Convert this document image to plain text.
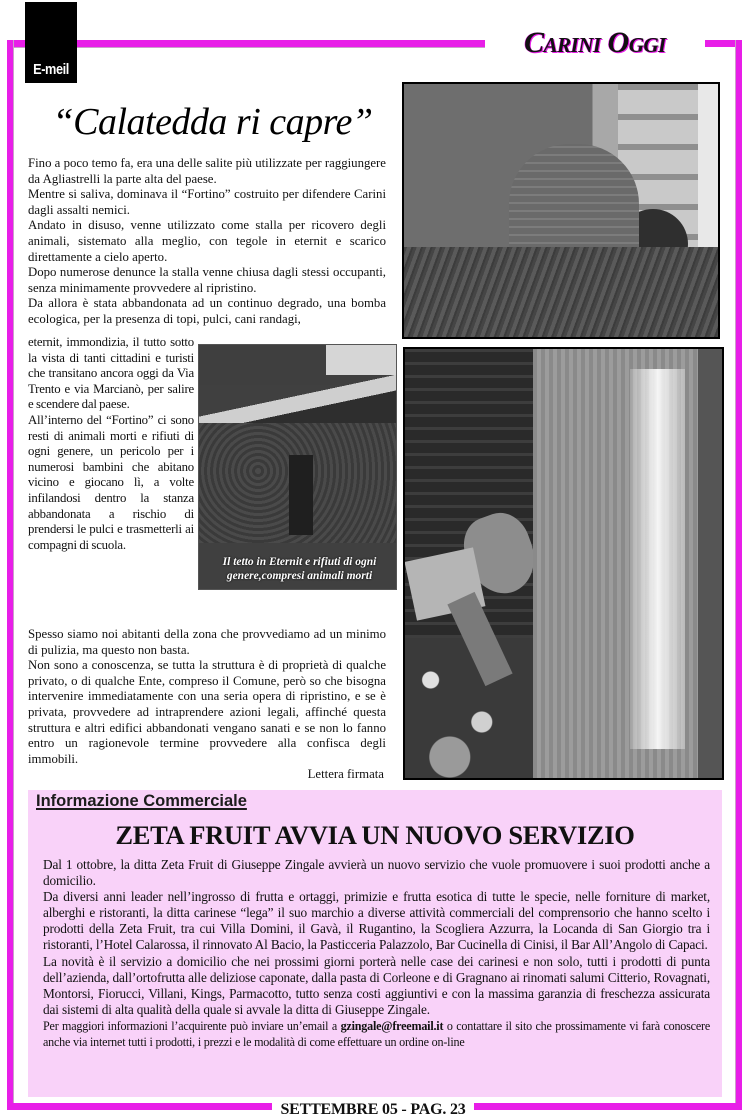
E-meil
Carini Oggi
“Calatedda ri capre”

Fino a poco temo fa, era una delle salite più utilizzate per raggiungere da Agliastrelli la parte alta del paese.

Mentre si saliva, dominava il “Fortino” costruito per difendere Carini dagli assalti nemici.

Andato in disuso, venne utilizzato come stalla per ricovero degli animali, sistemato alla meglio, con tegole in eternit e scarico direttamente a cielo aperto.

Dopo numerose denunce la stalla venne chiusa dagli stessi occupanti, senza minimamente provvedere al ripristino.

Da allora è stata abbandonata ad un continuo degrado, una bomba ecologica, per la presenza di topi, pulci, cani randagi,

eternit, immondizia, il tutto sotto la vista di tanti cittadini e turisti che transitano ancora oggi da Via Trento e via Marcianò, per salire e scendere dal paese.

All’interno del “Fortino” ci sono resti di animali morti e rifiuti di ogni genere, un pericolo per i numerosi bambini che abitano vicino e giocano lì, a volte infilandosi dentro la stanza abbandonata a rischio di prendersi le pulci e trasmetterli ai compagni di scuola.

Spesso siamo noi abitanti della zona che provvediamo ad un minimo di pulizia, ma questo non basta.

Non sono a conoscenza, se tutta la struttura è di proprietà di qualche privato, o di qualche Ente, compreso il Comune, però so che bisogna intervenire immediatamente con una seria opera di ripristino, e se è privata, provvedere ad intraprendere azioni legali, affinché questa struttura e altri edifici abbandonati vengano sanati e se non lo fanno entro un ragionevole termine provvedere alla confisca degli immobili.

Lettera firmata

Il tetto in Eternit e rifiuti di ogni genere,compresi animali morti
Informazione Commerciale
ZETA FRUIT AVVIA UN NUOVO SERVIZIO

Dal 1 ottobre, la ditta Zeta Fruit di Giuseppe Zingale avvierà un nuovo servizio che vuole promuovere i suoi prodotti anche a domicilio.

Da diversi anni leader nell’ingrosso di frutta e ortaggi, primizie e frutta esotica di tutte le specie, nelle forniture di market, alberghi e ristoranti, la ditta carinese “lega” il suo marchio a diverse attività commerciali del comprensorio che hanno scelto i prodotti della Zeta Fruit, tra cui Villa Domini, il Gavà, il Rugantino, la Scogliera Azzurra, la Locanda di San Giorgio tra i ristoranti, l’Hotel Calarossa, il rinnovato Al Bacio, la Pasticceria Palazzolo, Bar Cucinella di Cinisi, il Bar All’Angolo di Capaci.

La novità è il servizio a domicilio che nei prossimi giorni porterà nelle case dei carinesi e non solo, tutti i prodotti di punta dell’azienda, dall’ortofrutta alle deliziose caponate, dalla pasta di Corleone e di Gragnano ai rinomati salumi Citterio, Rovagnati, Montorsi, Fiorucci, Villani, Kings, Parmacotto, tutto senza costi aggiuntivi e con la massima garanzia di freschezza assicurata dai sistemi di alta qualità della quale si avvale la ditta di Giuseppe Zingale.

Per maggiori informazioni l’acquirente può inviare un’email a gzingale@freemail.it o contattare il sito che prossimamente vi farà conoscere anche via internet tutti i prodotti, i prezzi e le modalità di come effettuare un ordine on-line

SETTEMBRE 05 - PAG. 23
